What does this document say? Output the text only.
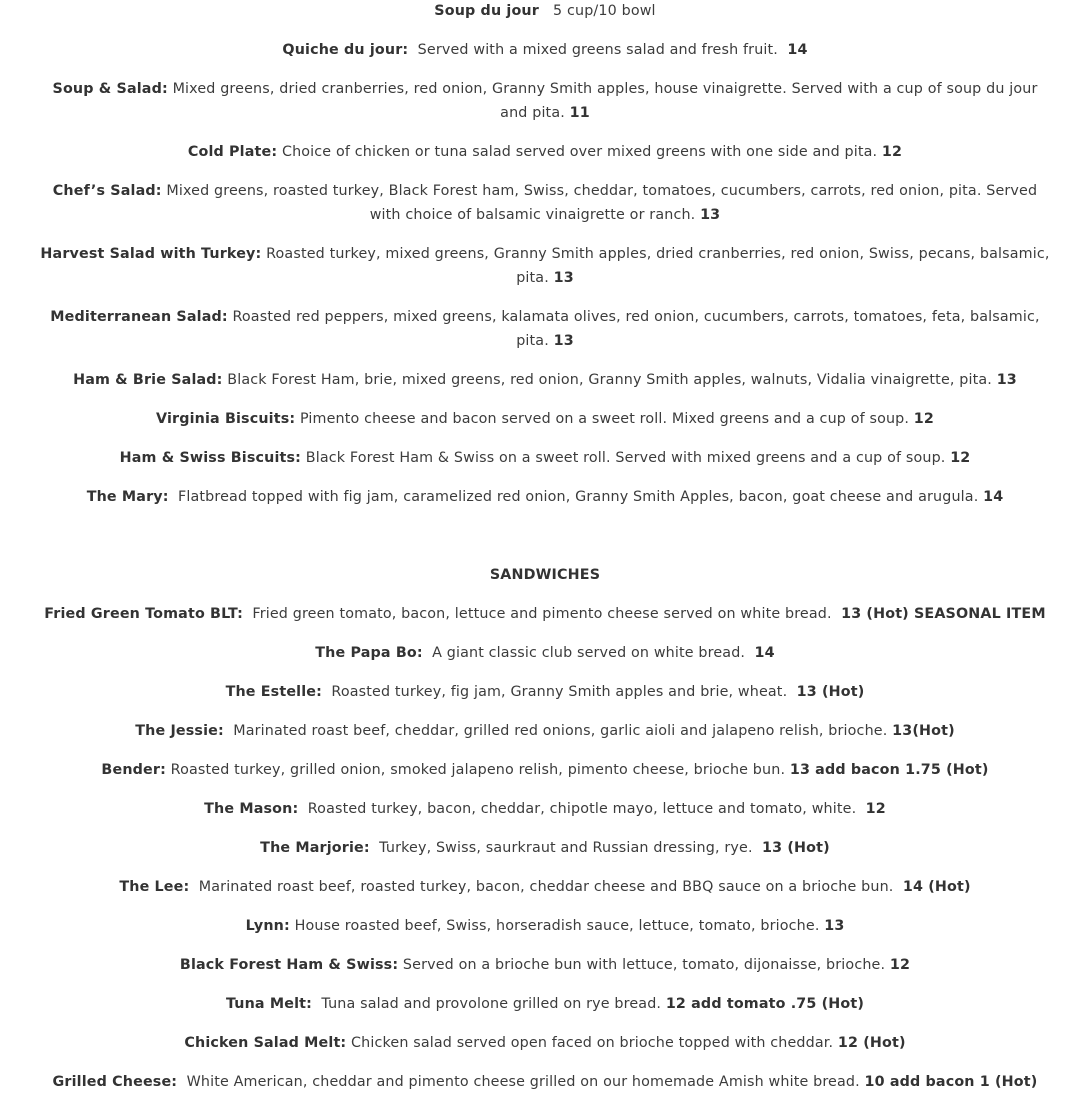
Soup du jour 5 cup/10 bowl
Quiche du jour: Served with a mixed greens salad and fresh fruit.  14
Soup & Salad: Mixed greens, dried cranberries, red onion, Granny Smith apples, house vinaigrette. Served with a cup of soup du jour and pita. 11
Cold Plate: Choice of chicken or tuna salad served over mixed greens with one side and pita. 12
Chef’s Salad: Mixed greens, roasted turkey, Black Forest ham, Swiss, cheddar, tomatoes, cucumbers, carrots, red onion, pita. Served with choice of balsamic vinaigrette or ranch. 13
Harvest Salad with Turkey: Roasted turkey, mixed greens, Granny Smith apples, dried cranberries, red onion, Swiss, pecans, balsamic, pita. 13
Mediterranean Salad: Roasted red peppers, mixed greens, kalamata olives, red onion, cucumbers, carrots, tomatoes, feta, balsamic, pita. 13
Ham & Brie Salad: Black Forest Ham, brie, mixed greens, red onion, Granny Smith apples, walnuts, Vidalia vinaigrette, pita. 13
Virginia Biscuits: Pimento cheese and bacon served on a sweet roll. Mixed greens and a cup of soup. 12
Ham & Swiss Biscuits: Black Forest Ham & Swiss on a sweet roll. Served with mixed greens and a cup of soup. 12
The Mary: Flatbread topped with fig jam, caramelized red onion, Granny Smith Apples, bacon, goat cheese and arugula. 14
SANDWICHES
Fried Green Tomato BLT: Fried green tomato, bacon, lettuce and pimento cheese served on white bread.  13 (Hot) SEASONAL ITEM
The Papa Bo: A giant classic club served on white bread.  14
The Estelle: Roasted turkey, fig jam, Granny Smith apples and brie, wheat.  13 (Hot)
The Jessie: Marinated roast beef, cheddar, grilled red onions, garlic aioli and jalapeno relish, brioche. 13(Hot)
Bender: Roasted turkey, grilled onion, smoked jalapeno relish, pimento cheese, brioche bun. 13 add bacon 1.75 (Hot)
The Mason: Roasted turkey, bacon, cheddar, chipotle mayo, lettuce and tomato, white.  12
The Marjorie: Turkey, Swiss, saurkraut and Russian dressing, rye.  13 (Hot)
The Lee: Marinated roast beef, roasted turkey, bacon, cheddar cheese and BBQ sauce on a brioche bun.  14 (Hot)
Lynn: House roasted beef, Swiss, horseradish sauce, lettuce, tomato, brioche. 13
Black Forest Ham & Swiss: Served on a brioche bun with lettuce, tomato, dijonaisse, brioche. 12
Tuna Melt: Tuna salad and provolone grilled on rye bread. 12 add tomato .75 (Hot)
Chicken Salad Melt: Chicken salad served open faced on brioche topped with cheddar. 12 (Hot)
Grilled Cheese: White American, cheddar and pimento cheese grilled on our homemade Amish white bread. 10 add bacon 1 (Hot)
